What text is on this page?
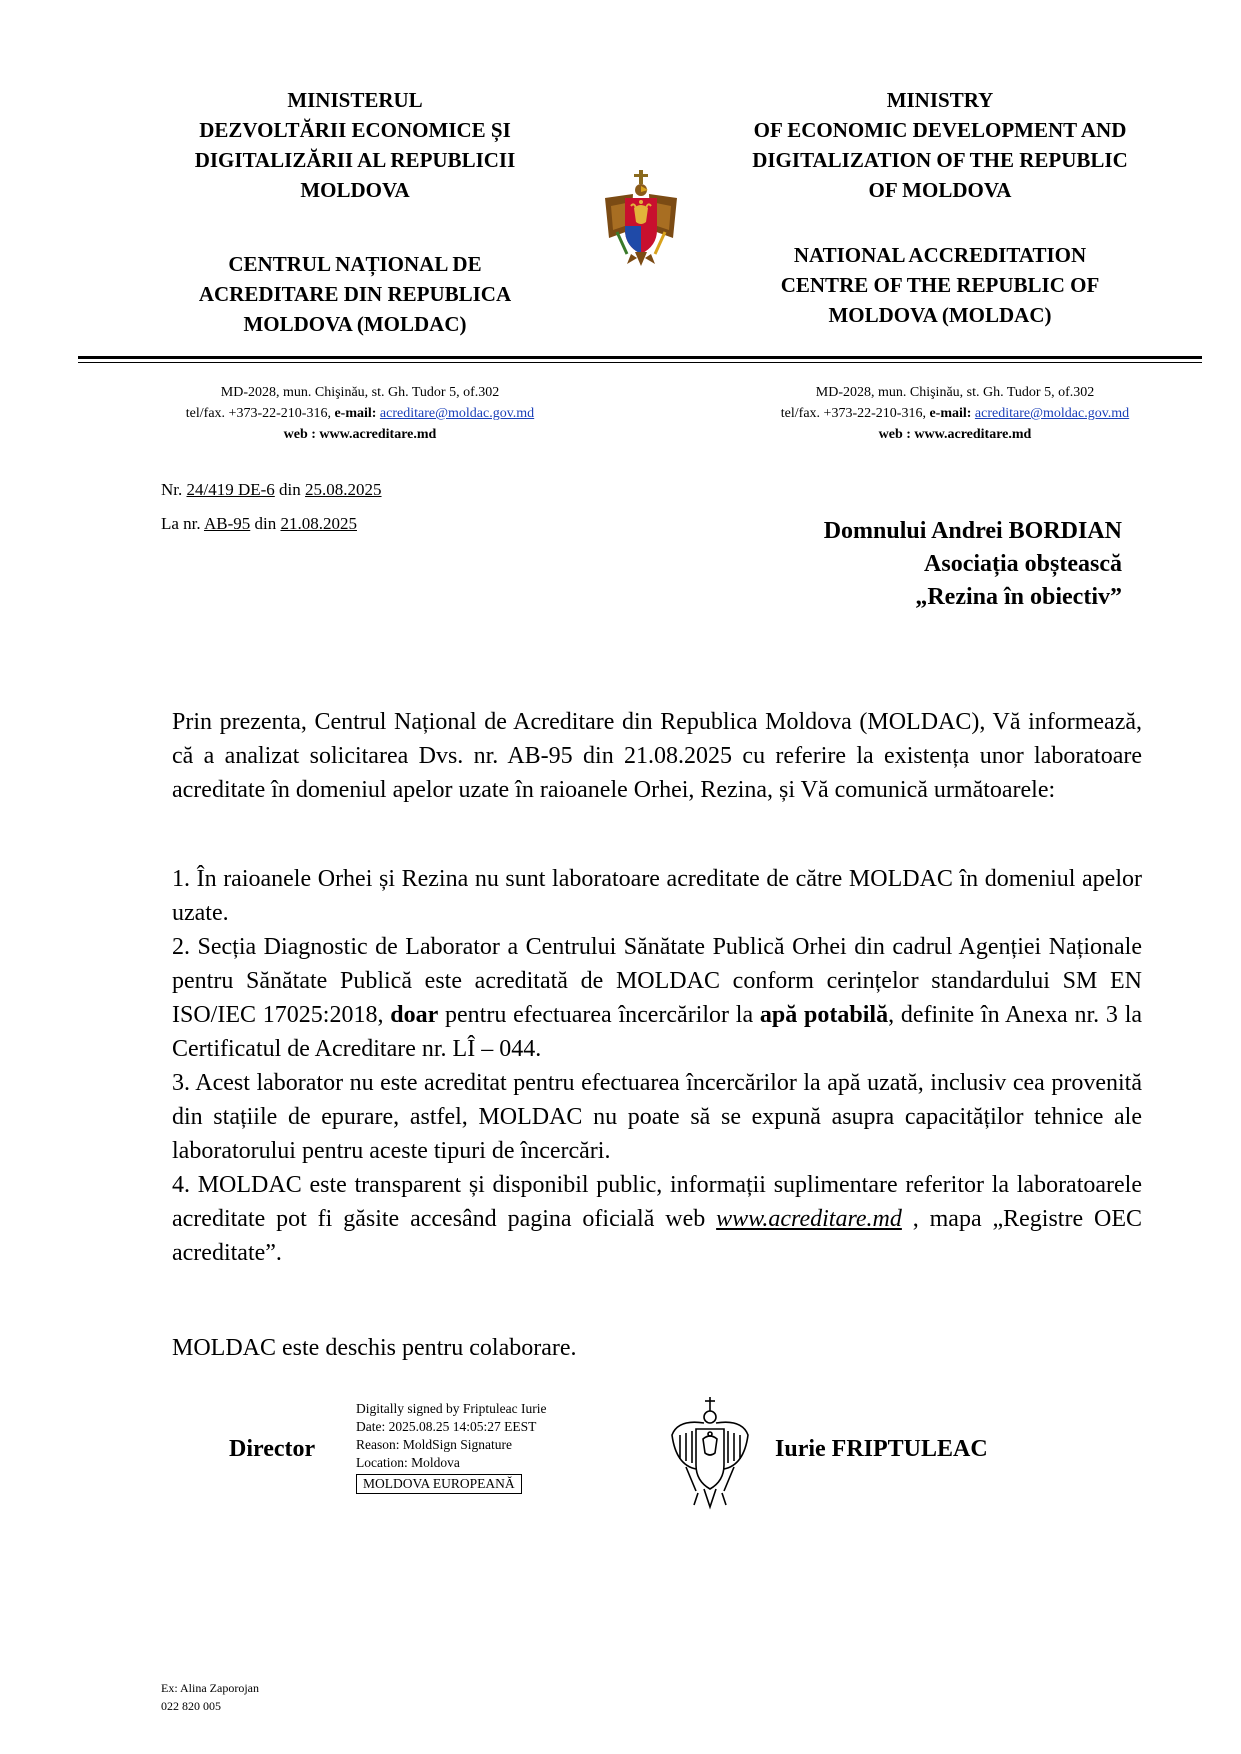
MINISTERUL
DEZVOLTĂRII ECONOMICE ȘI
DIGITALIZĂRII AL REPUBLICII
MOLDOVA
CENTRUL NAȚIONAL DE
ACREDITARE DIN REPUBLICA
MOLDOVA (MOLDAC)
MINISTRY
OF ECONOMIC DEVELOPMENT AND
DIGITALIZATION OF THE REPUBLIC
OF MOLDOVA
NATIONAL ACCREDITATION
CENTRE OF THE REPUBLIC OF
MOLDOVA (MOLDAC)
MD-2028, mun. Chişinău, st. Gh. Tudor 5, of.302
tel/fax. +373-22-210-316, e-mail: acreditare@moldac.gov.md
web : www.acreditare.md
MD-2028, mun. Chişinău, st. Gh. Tudor 5, of.302
tel/fax. +373-22-210-316, e-mail: acreditare@moldac.gov.md
web : www.acreditare.md
Nr. 24/419 DE-6 din 25.08.2025
La nr. AB-95 din 21.08.2025	Domnului Andrei BORDIAN
Asociația obștească
„Rezina în obiectiv”

Prin prezenta, Centrul Național de Acreditare din Republica Moldova (MOLDAC), Vă informează, că a analizat solicitarea Dvs. nr. AB-95 din 21.08.2025 cu referire la existența unor laboratoare acreditate în domeniul apelor uzate în raioanele Orhei, Rezina, și Vă comunică următoarele:

1. În raioanele Orhei și Rezina nu sunt laboratoare acreditate de către MOLDAC în domeniul apelor uzate.

2. Secția Diagnostic de Laborator a Centrului Sănătate Publică Orhei din cadrul Agenției Naționale pentru Sănătate Publică este acreditată de MOLDAC conform cerințelor standardului SM EN ISO/IEC 17025:2018, doar pentru efectuarea încercărilor la apă potabilă, definite în Anexa nr. 3 la Certificatul de Acreditare nr. LÎ – 044.

3. Acest laborator nu este acreditat pentru efectuarea încercărilor la apă uzată, inclusiv cea provenită din stațiile de epurare, astfel, MOLDAC nu poate să se expună asupra capacităților tehnice ale laboratorului pentru aceste tipuri de încercări.

4. MOLDAC este transparent și disponibil public, informații suplimentare referitor la laboratoarele acreditate pot fi găsite accesând pagina oficială web www.acreditare.md , mapa „Registre OEC acreditate”.

MOLDAC este deschis pentru colaborare.
Director
Digitally signed by Friptuleac Iurie
Date: 2025.08.25 14:05:27 EEST
Reason: MoldSign Signature
Location: Moldova
MOLDOVA EUROPEANĂ
Iurie FRIPTULEAC
Ex: Alina Zaporojan
022 820 005
